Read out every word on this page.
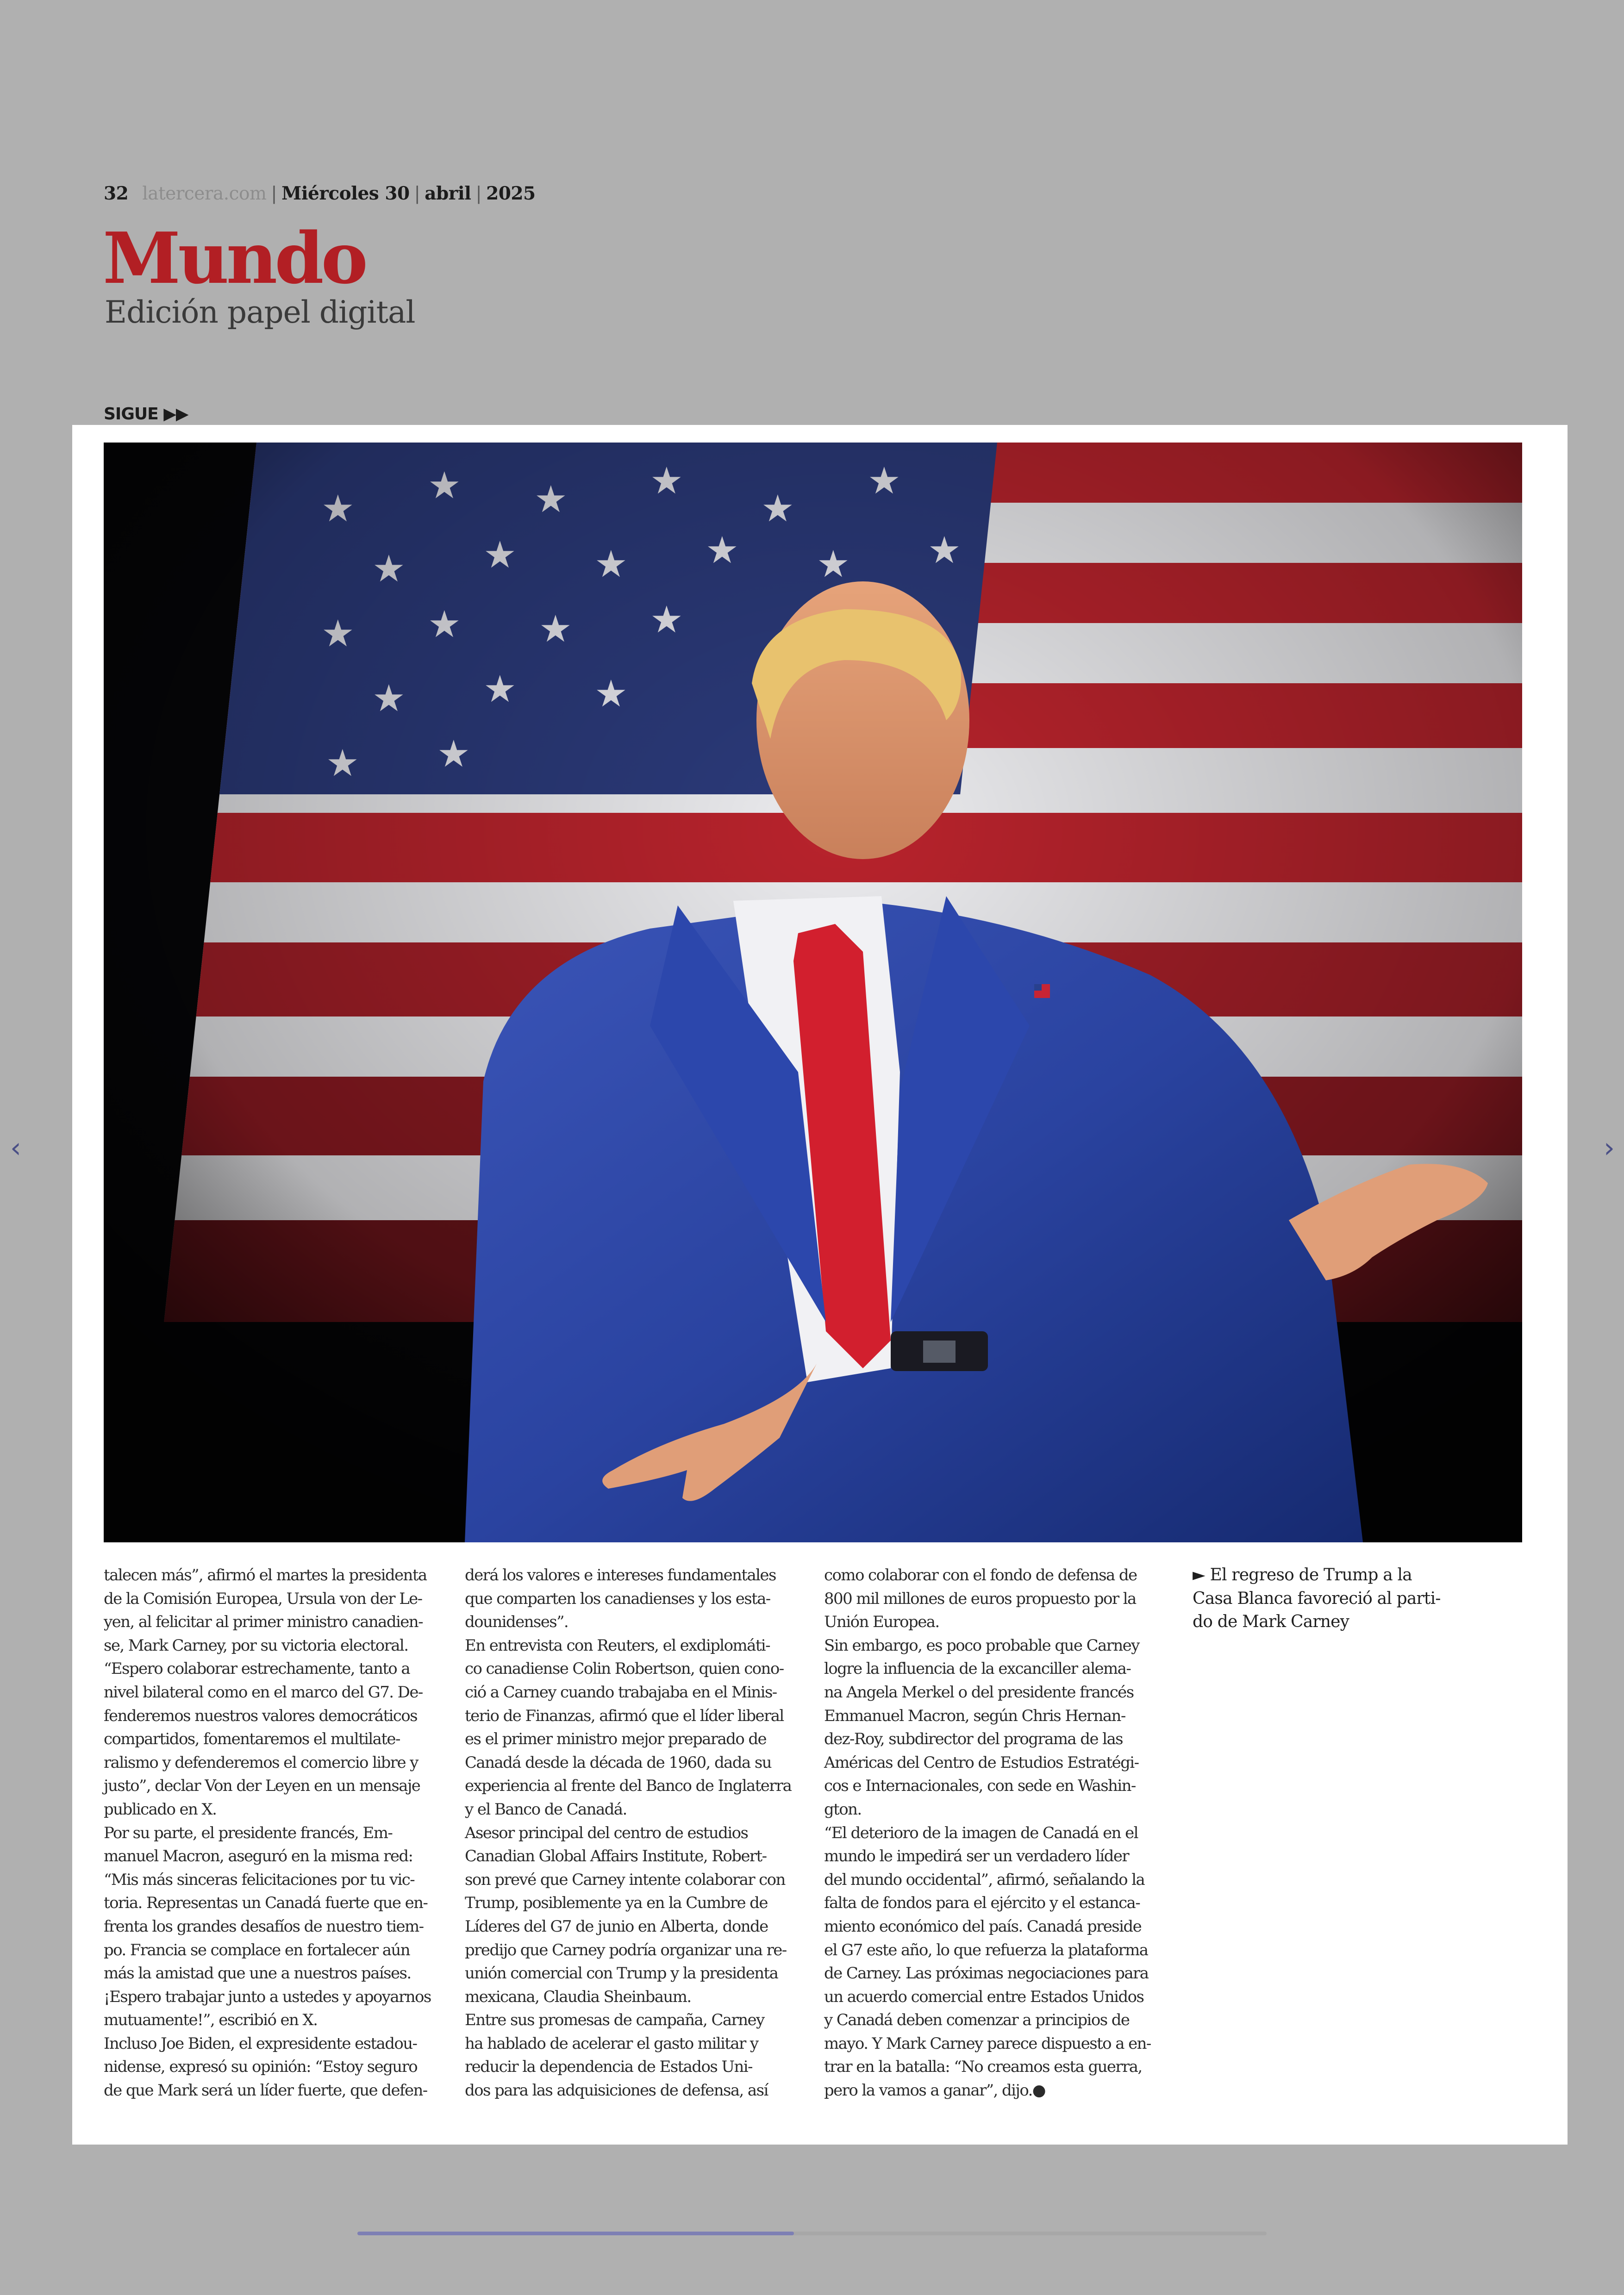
32 latercera.com | Miércoles 30 | abril | 2025
Mundo
Edición papel digital
SIGUE ▶▶
‹	›
talecen más”, afirmó el martes la presidenta
de la Comisión Europea, Ursula von der Le-
yen, al felicitar al primer ministro canadien-
se, Mark Carney, por su victoria electoral.
“Espero colaborar estrechamente, tanto a
nivel bilateral como en el marco del G7. De-
fenderemos nuestros valores democráticos
compartidos, fomentaremos el multilate-
ralismo y defenderemos el comercio libre y
justo”, declar Von der Leyen en un mensaje
publicado en X.
Por su parte, el presidente francés, Em-
manuel Macron, aseguró en la misma red:
“Mis más sinceras felicitaciones por tu vic-
toria. Representas un Canadá fuerte que en-
frenta los grandes desafíos de nuestro tiem-
po. Francia se complace en fortalecer aún
más la amistad que une a nuestros países.
¡Espero trabajar junto a ustedes y apoyarnos
mutuamente!”, escribió en X.
Incluso Joe Biden, el expresidente estadou-
nidense, expresó su opinión: “Estoy seguro
de que Mark será un líder fuerte, que defen-
derá los valores e intereses fundamentales
que comparten los canadienses y los esta-
dounidenses”.
En entrevista con Reuters, el exdiplomáti-
co canadiense Colin Robertson, quien cono-
ció a Carney cuando trabajaba en el Minis-
terio de Finanzas, afirmó que el líder liberal
es el primer ministro mejor preparado de
Canadá desde la década de 1960, dada su
experiencia al frente del Banco de Inglaterra
y el Banco de Canadá.
Asesor principal del centro de estudios
Canadian Global Affairs Institute, Robert-
son prevé que Carney intente colaborar con
Trump, posiblemente ya en la Cumbre de
Líderes del G7 de junio en Alberta, donde
predijo que Carney podría organizar una re-
unión comercial con Trump y la presidenta
mexicana, Claudia Sheinbaum.
Entre sus promesas de campaña, Carney
ha hablado de acelerar el gasto militar y
reducir la dependencia de Estados Uni-
dos para las adquisiciones de defensa, así
como colaborar con el fondo de defensa de
800 mil millones de euros propuesto por la
Unión Europea.
Sin embargo, es poco probable que Carney
logre la influencia de la excanciller alema-
na Angela Merkel o del presidente francés
Emmanuel Macron, según Chris Hernan-
dez-Roy, subdirector del programa de las
Américas del Centro de Estudios Estratégi-
cos e Internacionales, con sede en Washin-
gton.
“El deterioro de la imagen de Canadá en el
mundo le impedirá ser un verdadero líder
del mundo occidental”, afirmó, señalando la
falta de fondos para el ejército y el estanca-
miento económico del país. Canadá preside
el G7 este año, lo que refuerza la plataforma
de Carney. Las próximas negociaciones para
un acuerdo comercial entre Estados Unidos
y Canadá deben comenzar a principios de
mayo. Y Mark Carney parece dispuesto a en-
trar en la batalla: “No creamos esta guerra,
pero la vamos a ganar”, dijo.●
► El regreso de Trump a la
Casa Blanca favoreció al parti-
do de Mark Carney
